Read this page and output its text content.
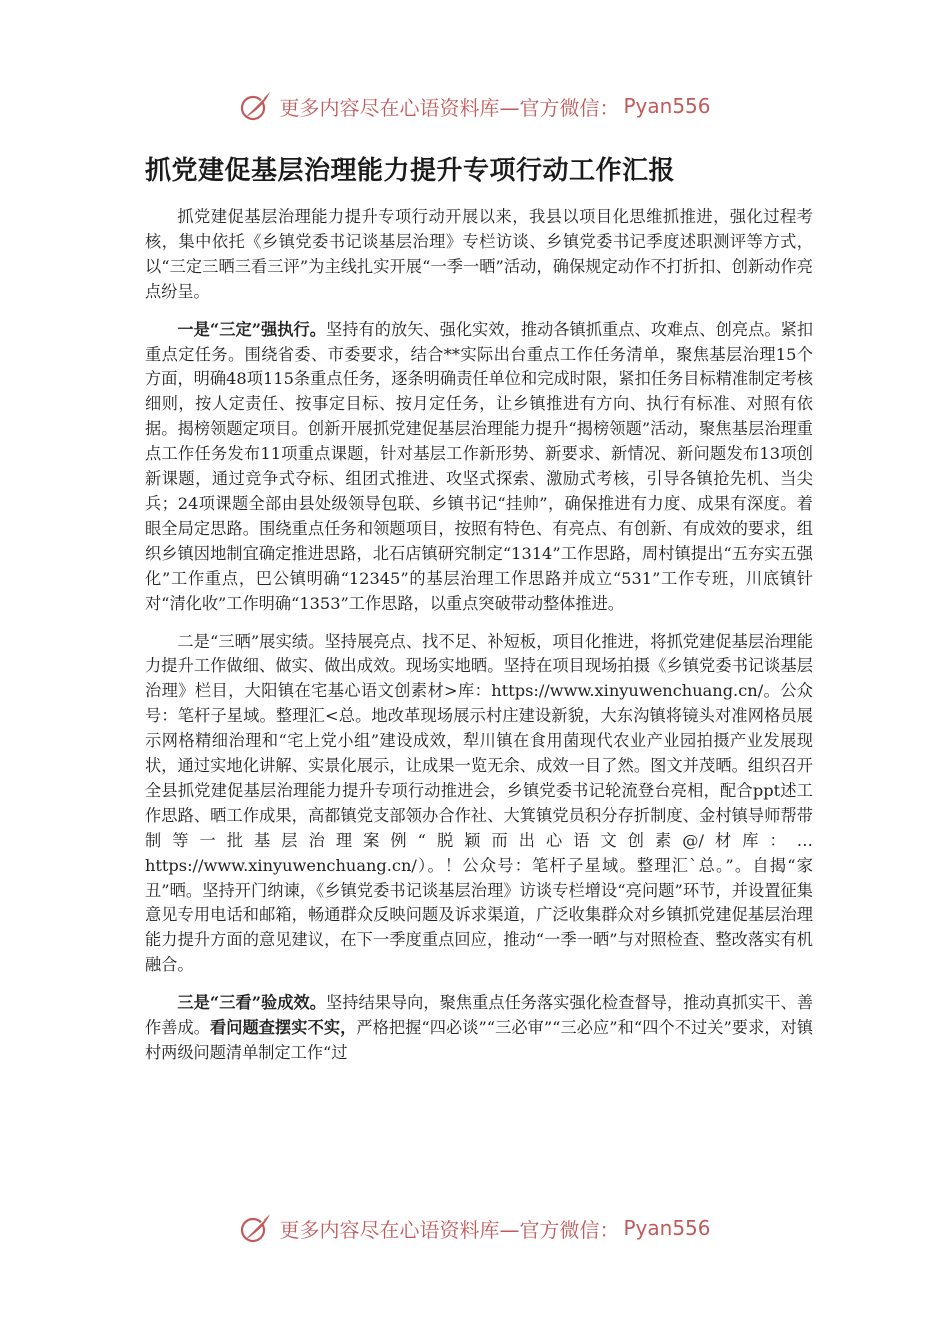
更多内容尽在心语资料库—官方微信： Pyan556
抓党建促基层治理能力提升专项行动工作汇报

抓党建促基层治理能力提升专项行动开展以来，我县以项目化思维抓推进，强化过程考核，集中依托《乡镇党委书记谈基层治理》专栏访谈、乡镇党委书记季度述职测评等方式，以“三定三晒三看三评”为主线扎实开展“一季一晒”活动，确保规定动作不打折扣、创新动作亮点纷呈。

一是“三定”强执行。坚持有的放矢、强化实效，推动各镇抓重点、攻难点、创亮点。紧扣重点定任务。围绕省委、市委要求，结合**实际出台重点工作任务清单，聚焦基层治理15个方面，明确48项115条重点任务，逐条明确责任单位和完成时限，紧扣任务目标精准制定考核细则，按人定责任、按事定目标、按月定任务，让乡镇推进有方向、执行有标准、对照有依据。揭榜领题定项目。创新开展抓党建促基层治理能力提升“揭榜领题”活动，聚焦基层治理重点工作任务发布11项重点课题，针对基层工作新形势、新要求、新情况、新问题发布13项创新课题，通过竞争式夺标、组团式推进、攻坚式探索、激励式考核，引导各镇抢先机、当尖兵；24项课题全部由县处级领导包联、乡镇书记“挂帅”，确保推进有力度、成果有深度。着眼全局定思路。围绕重点任务和领题项目，按照有特色、有亮点、有创新、有成效的要求，组织乡镇因地制宜确定推进思路，北石店镇研究制定“1314”工作思路，周村镇提出“五夯实五强化”工作重点，巴公镇明确“12345”的基层治理工作思路并成立“531”工作专班，川底镇针对“清化收”工作明确“1353”工作思路，以重点突破带动整体推进。

二是“三晒”展实绩。坚持展亮点、找不足、补短板，项目化推进，将抓党建促基层治理能力提升工作做细、做实、做出成效。现场实地晒。坚持在项目现场拍摄《乡镇党委书记谈基层治理》栏目，大阳镇在宅基心语文创素材>库：https://www.xinyuwenchuang.cn/。公众号：笔杆子星域。整理汇<总。地改革现场展示村庄建设新貌，大东沟镇将镜头对准网格员展示网格精细治理和“宅上党小组”建设成效，犁川镇在食用菌现代农业产业园拍摄产业发展现状，通过实地化讲解、实景化展示，让成果一览无余、成效一目了然。图文并茂晒。组织召开全县抓党建促基层治理能力提升专项行动推进会，乡镇党委书记轮流登台亮相，配合ppt述工作思路、晒工作成果，高都镇党支部领办合作社、大箕镇党员积分存折制度、金村镇导师帮带制等一批基层治理案例“脱颖而出心语文创素@/材库：…https://www.xinyuwenchuang.cn/）。！公众号：笔杆子星域。整理汇`总。”。自揭“家丑”晒。坚持开门纳谏，《乡镇党委书记谈基层治理》访谈专栏增设“亮问题”环节，并设置征集意见专用电话和邮箱，畅通群众反映问题及诉求渠道，广泛收集群众对乡镇抓党建促基层治理能力提升方面的意见建议，在下一季度重点回应，推动“一季一晒”与对照检查、整改落实有机融合。

三是“三看”验成效。坚持结果导向，聚焦重点任务落实强化检查督导，推动真抓实干、善作善成。看问题查摆实不实，严格把握“四必谈”“三必审”“三必应”和“四个不过关”要求，对镇村两级问题清单制定工作“过

更多内容尽在心语资料库—官方微信： Pyan556
